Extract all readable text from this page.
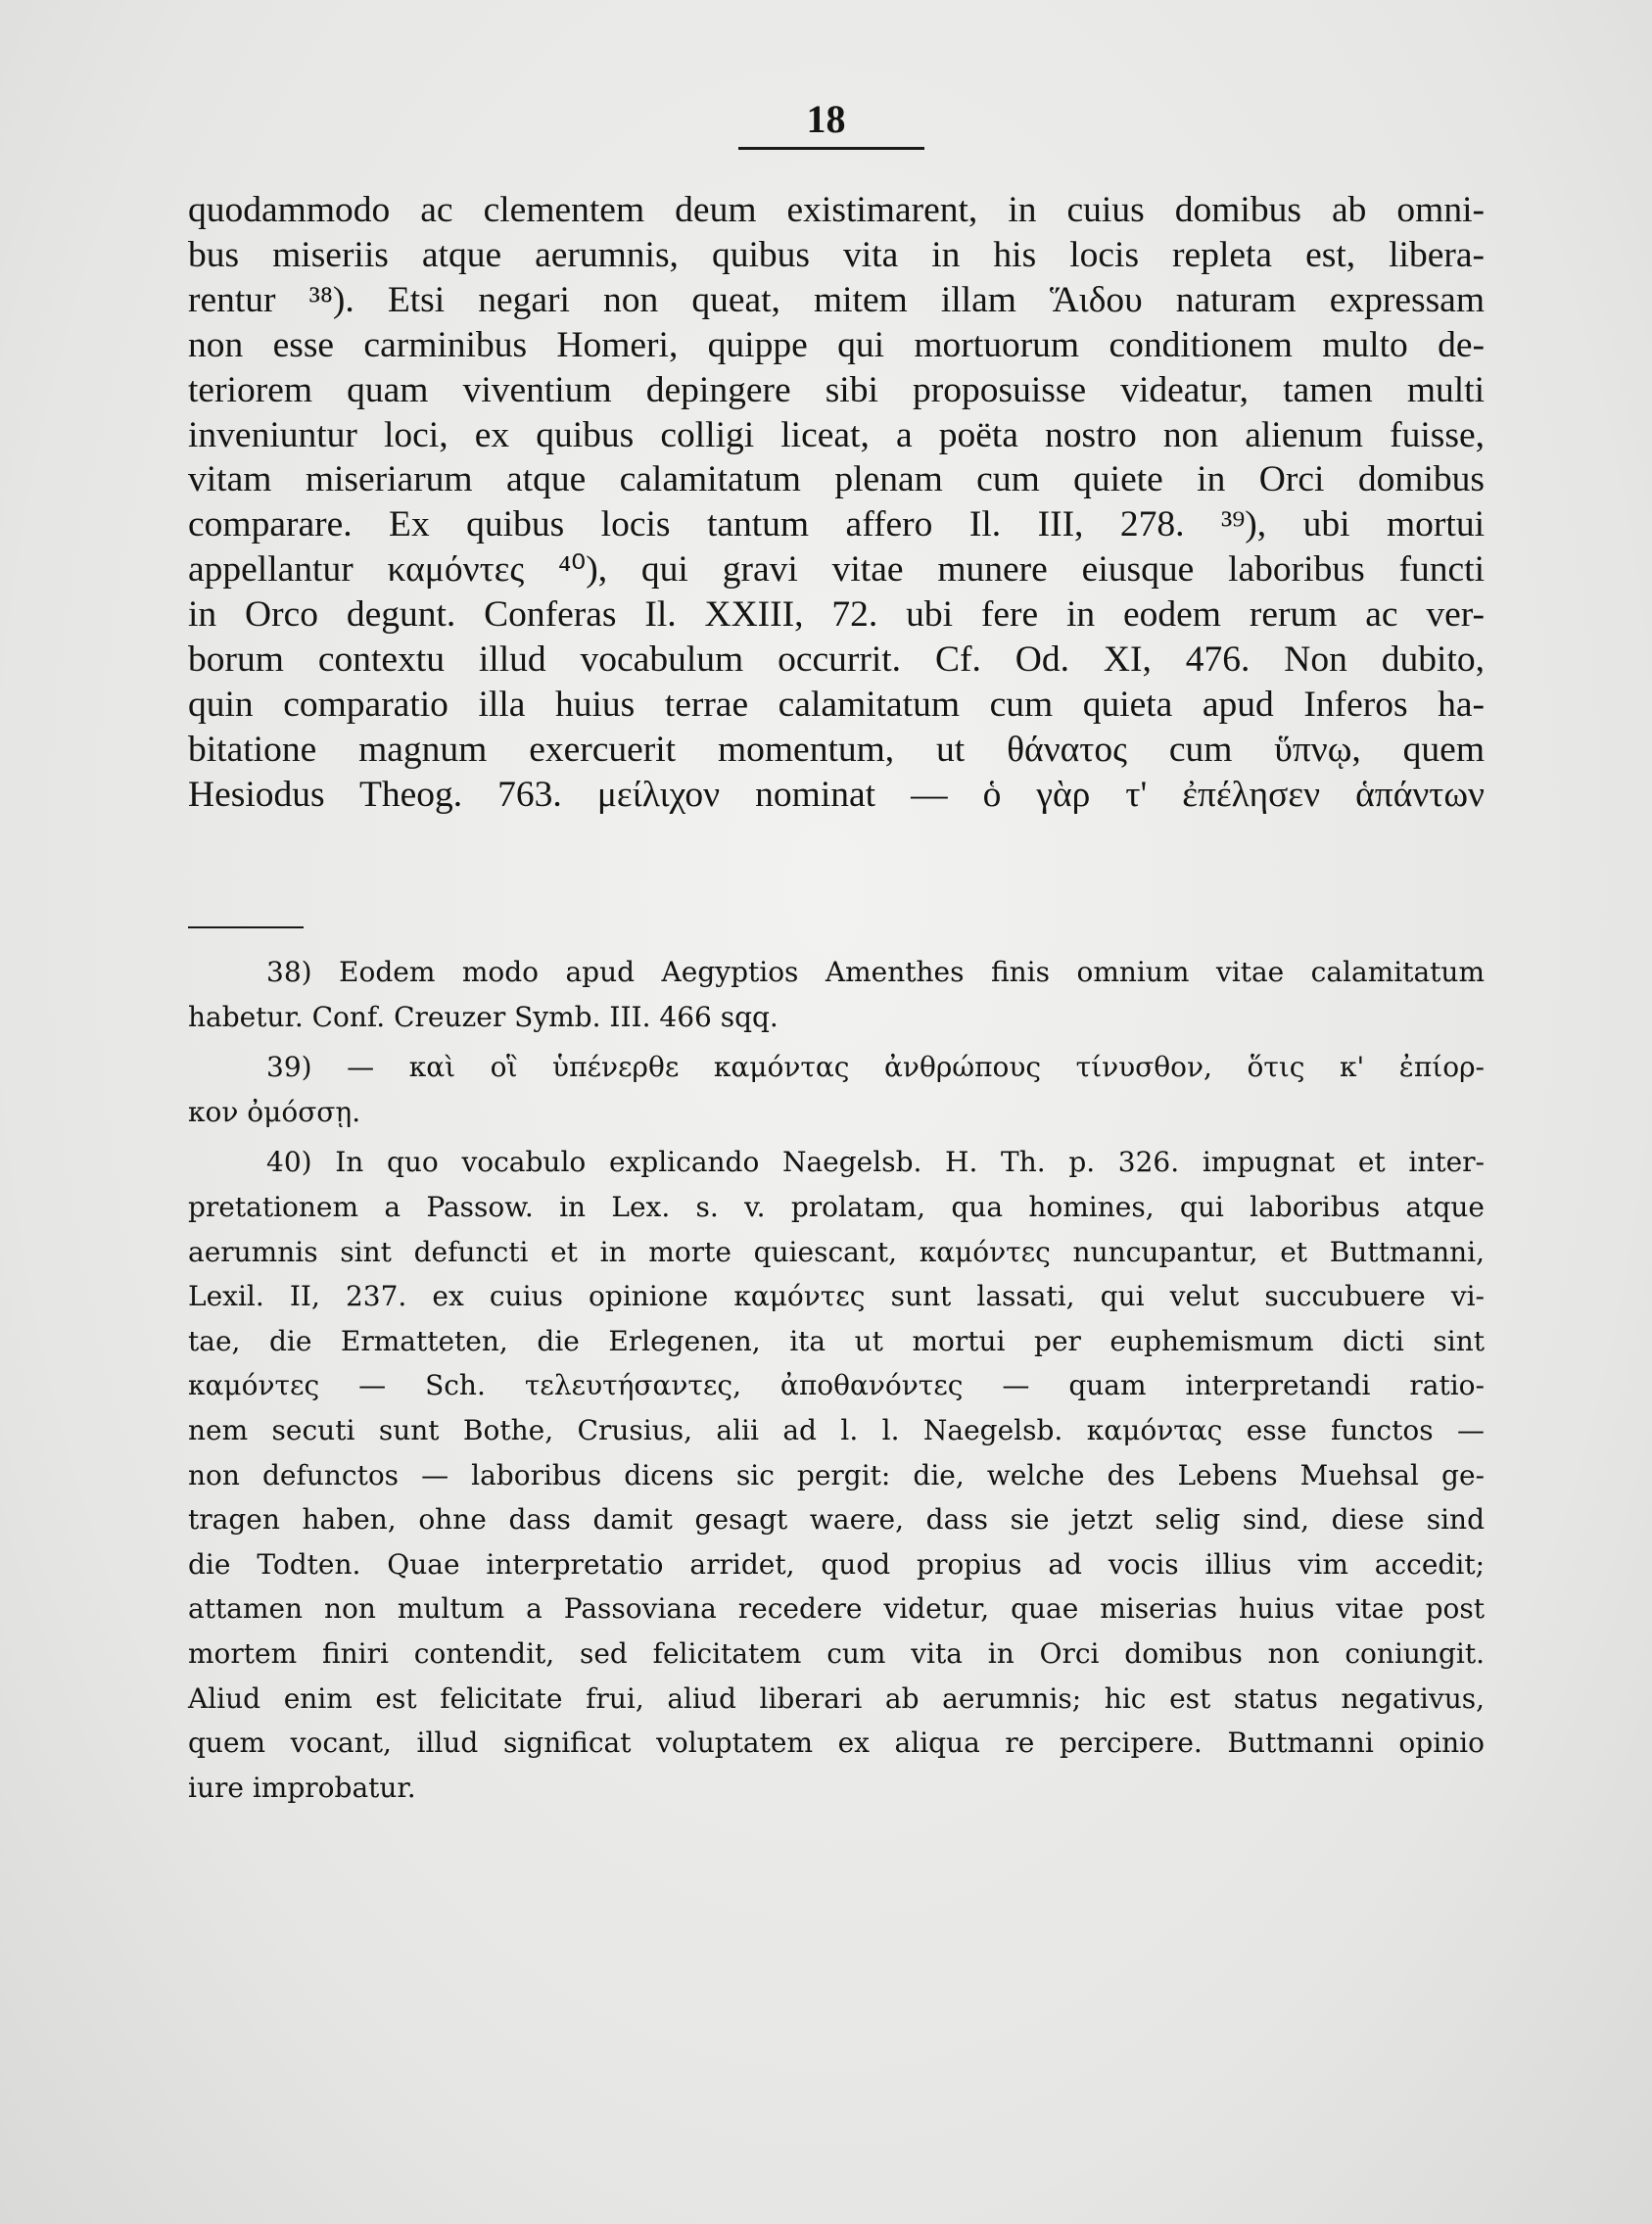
18
quodammodo ac clementem deum existimarent, in cuius domibus ab omni-
bus miseriis atque aerumnis, quibus vita in his locis repleta est, libera-
rentur ³⁸). Etsi negari non queat, mitem illam Ἅιδου naturam expressam
non esse carminibus Homeri, quippe qui mortuorum conditionem multo de-
teriorem quam viventium depingere sibi proposuisse videatur, tamen multi
inveniuntur loci, ex quibus colligi liceat, a poëta nostro non alienum fuisse,
vitam miseriarum atque calamitatum plenam cum quiete in Orci domibus
comparare. Ex quibus locis tantum affero Il. III, 278. ³⁹), ubi mortui
appellantur καμόντες ⁴⁰), qui gravi vitae munere eiusque laboribus functi
in Orco degunt. Conferas Il. XXIII, 72. ubi fere in eodem rerum ac ver-
borum contextu illud vocabulum occurrit. Cf. Od. XI, 476. Non dubito,
quin comparatio illa huius terrae calamitatum cum quieta apud Inferos ha-
bitatione magnum exercuerit momentum, ut θάνατος cum ὕπνῳ, quem
Hesiodus Theog. 763. μείλιχον nominat — ὁ γὰρ τ' ἐπέλησεν ἁπάντων
38) Eodem modo apud Aegyptios Amenthes finis omnium vitae calamitatum
habetur. Conf. Creuzer Symb. III. 466 sqq.
39) — καὶ οἳ ὑπένερθε καμόντας ἀνθρώπους τίνυσθον, ὅτις κ' ἐπίορ-
κον ὀμόσσῃ.
40) In quo vocabulo explicando Naegelsb. H. Th. p. 326. impugnat et inter-
pretationem a Passow. in Lex. s. v. prolatam, qua homines, qui laboribus atque
aerumnis sint defuncti et in morte quiescant, καμόντες nuncupantur, et Buttmanni,
Lexil. II, 237. ex cuius opinione καμόντες sunt lassati, qui velut succubuere vi-
tae, die Ermatteten, die Erlegenen, ita ut mortui per euphemismum dicti sint
καμόντες — Sch. τελευτήσαντες, ἀποθανόντες — quam interpretandi ratio-
nem secuti sunt Bothe, Crusius, alii ad l. l. Naegelsb. καμόντας esse functos —
non defunctos — laboribus dicens sic pergit: die, welche des Lebens Muehsal ge-
tragen haben, ohne dass damit gesagt waere, dass sie jetzt selig sind, diese sind
die Todten. Quae interpretatio arridet, quod propius ad vocis illius vim accedit;
attamen non multum a Passoviana recedere videtur, quae miserias huius vitae post
mortem finiri contendit, sed felicitatem cum vita in Orci domibus non coniungit.
Aliud enim est felicitate frui, aliud liberari ab aerumnis; hic est status negativus,
quem vocant, illud significat voluptatem ex aliqua re percipere. Buttmanni opinio
iure improbatur.
